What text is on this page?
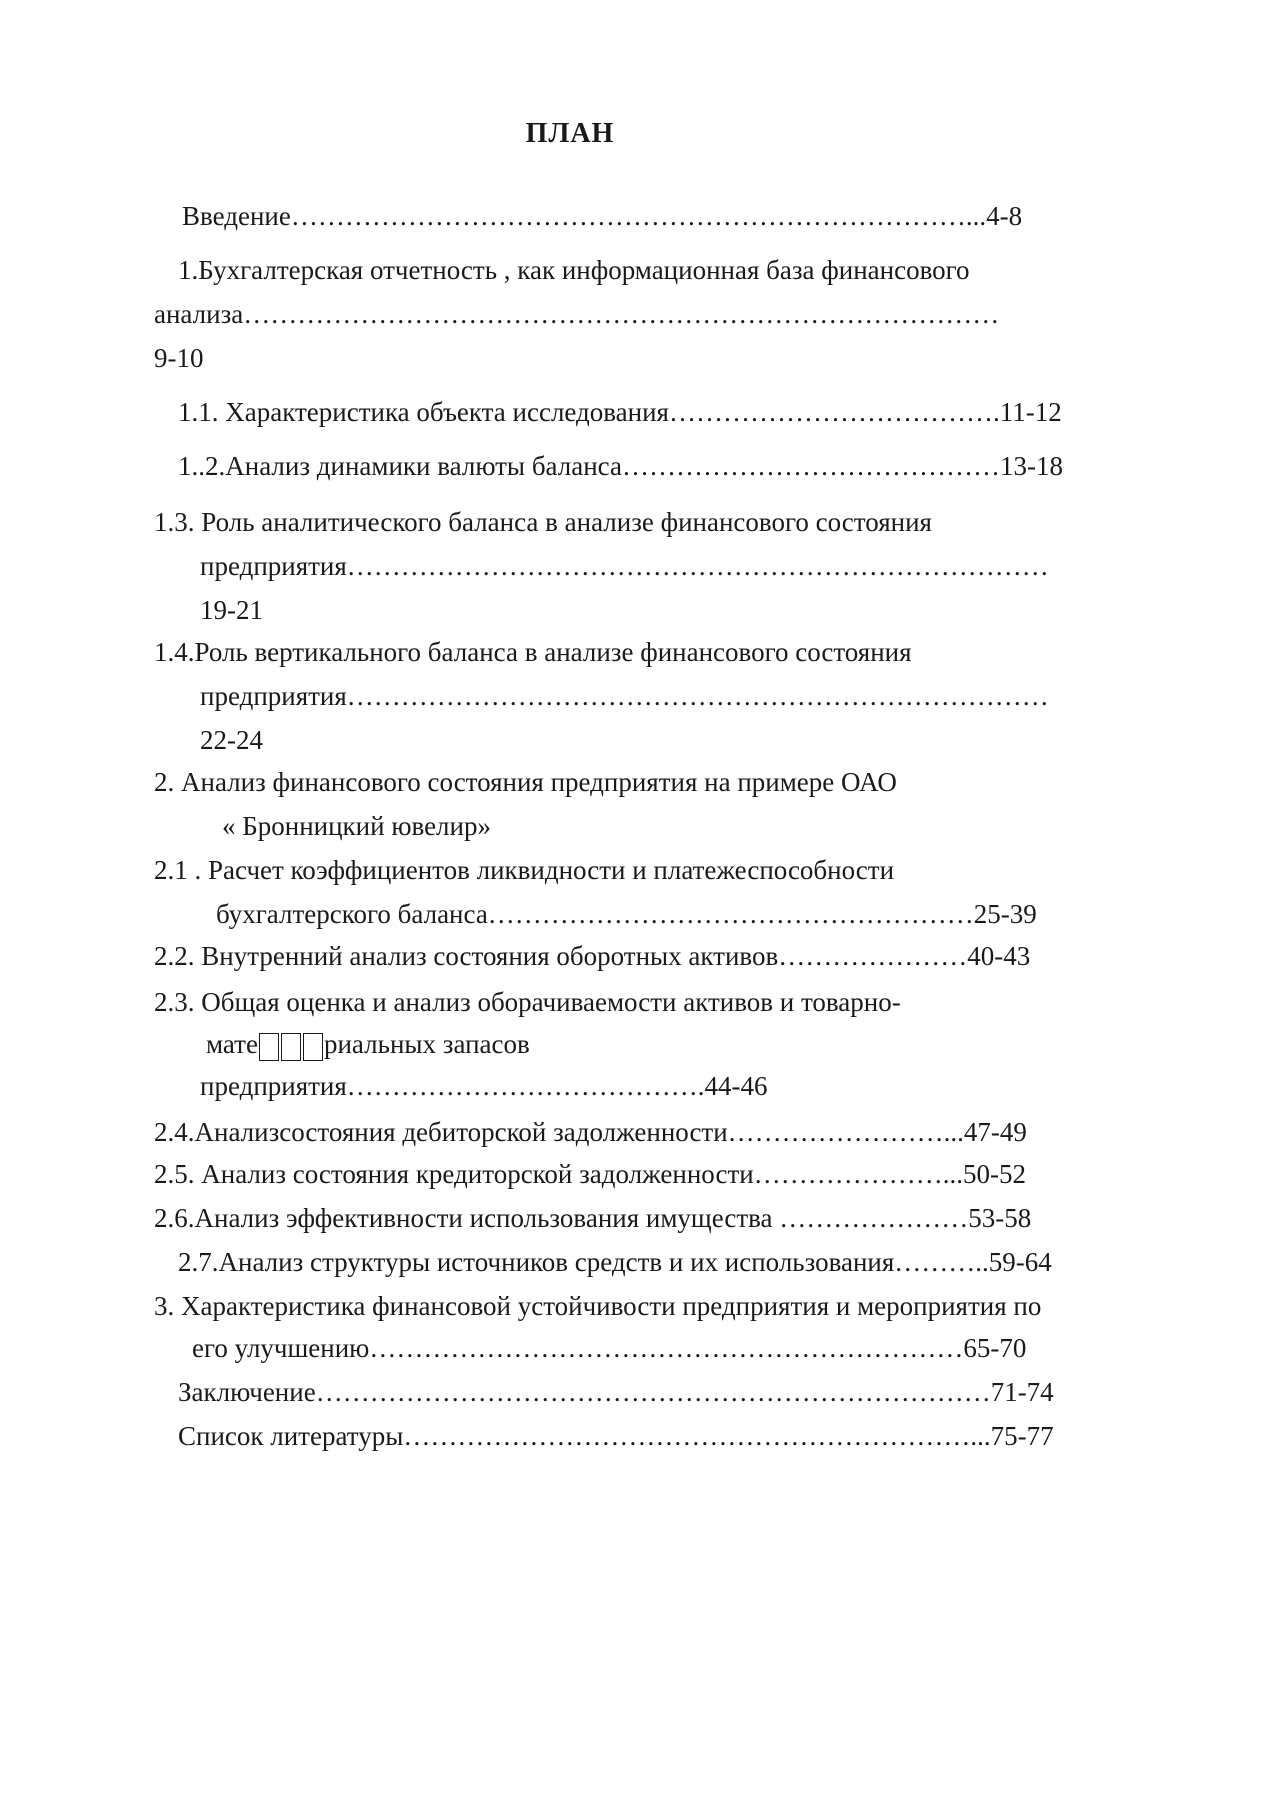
ПЛАН
Введение…………………………………………………………………...4-8
1.Бухгалтерская отчетность , как информационная база финансового
анализа…………………………………………………………………………
9-10
1.1. Характеристика объекта исследования……………………………….11-12
1..2.Анализ динамики валюты баланса……………………………………13-18
1.3. Роль аналитического баланса в анализе финансового состояния
предприятия……………………………………………………………………
19-21
1.4.Роль вертикального баланса в анализе финансового состояния
предприятия……………………………………………………………………
22-24
2. Анализ финансового состояния предприятия на примере ОАО
« Бронницкий ювелир»
2.1 . Расчет коэффициентов ликвидности и платежеспособности
бухгалтерского баланса………………………………………………25-39
2.2. Внутренний анализ состояния оборотных активов…………………40-43
2.3. Общая оценка и анализ оборачиваемости активов и товарно-
мате риальных запасов
предприятия………………………………….44-46
2.4.Анализсостояния дебиторской задолженности……………………...47-49
2.5. Анализ состояния кредиторской задолженности…………………...50-52
2.6.Анализ эффективности использования имущества …………………53-58
2.7.Анализ структуры источников средств и их использования………..59-64
3. Характеристика финансовой устойчивости предприятия и мероприятия по
его улучшению…………………………………………………………65-70
Заключение…………………………………………………………………71-74
Список литературы………………………………………………………...75-77
